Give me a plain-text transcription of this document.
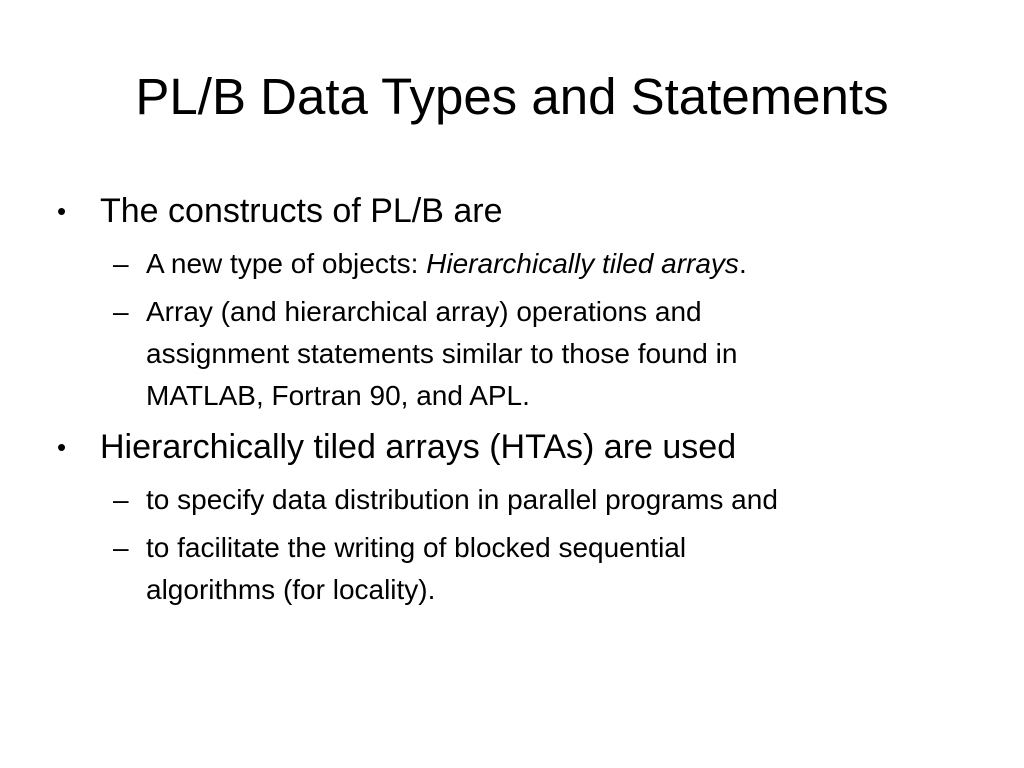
PL/B Data Types and Statements
• The constructs of PL/B are
– A new type of objects: Hierarchically tiled arrays.
– Array (and hierarchical array) operations and
assignment statements similar to those found in
MATLAB, Fortran 90, and APL.
• Hierarchically tiled arrays (HTAs) are used
– to specify data distribution in parallel programs and
– to facilitate the writing of blocked sequential
algorithms (for locality).
